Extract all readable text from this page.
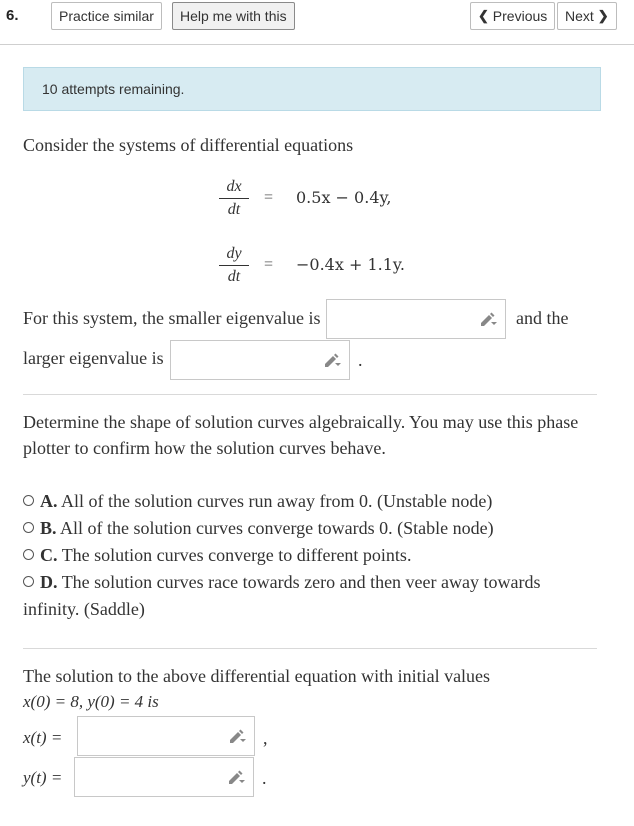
6.	Practice similar	Help me with this	❮
Previous Next
❯
10 attempts remaining.
Consider the systems of differential equations
$\frac{dx}{dt} = 0.5x - 0.4y$,
$\frac{dy}{dt} = -0.4x + 1.1y$.
For this system, the smaller eigenvalue is	and the
larger eigenvalue is	.
Determine the shape of solution curves algebraically. You may use this phase
plotter to confirm how the solution curves behave.
A. All of the solution curves run away from 0. (Unstable node)
B. All of the solution curves converge towards 0. (Stable node)
C. The solution curves converge to different points.
D. The solution curves race towards zero and then veer away towards
infinity. (Saddle)
The solution to the above differential equation with initial values
x(0) = 8, y(0) = 4 is
x(t) =	,
y(t) =	.
